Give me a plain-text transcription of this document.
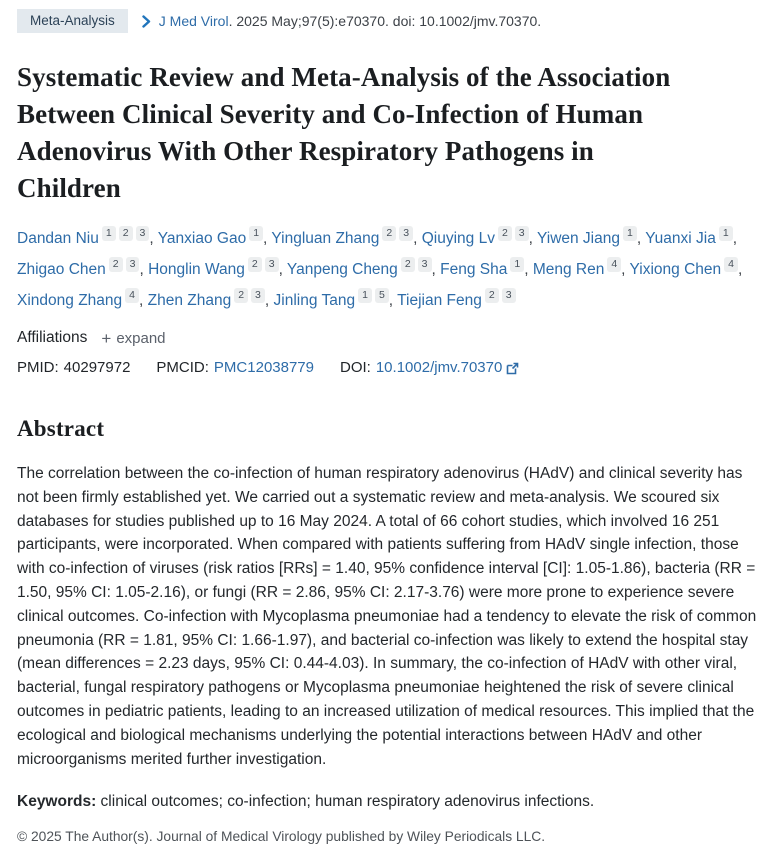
Meta-Analysis	J Med Virol. 2025 May;97(5):e70370. doi: 10.1002/jmv.70370.
Systematic Review and Meta-Analysis of the Association Between Clinical Severity and Co-Infection of Human Adenovirus With Other Respiratory Pathogens in Children
Dandan Niu 1 2 3 , Yanxiao Gao 1 , Yingluan Zhang 2 3 , Qiuying Lv 2 3 , Yiwen Jiang 1 , Yuanxi Jia 1 , Zhigao Chen 2 3 , Honglin Wang 2 3 , Yanpeng Cheng 2 3 , Feng Sha 1 , Meng Ren 4 , Yixiong Chen 4 , Xindong Zhang 4 , Zhen Zhang 2 3 , Jinling Tang 1 5 , Tiejian Feng 2 3
Affiliations + expand
PMID: 40297972 PMCID: PMC12038779 DOI: 10.1002/jmv.70370
Abstract

The correlation between the co-infection of human respiratory adenovirus (HAdV) and clinical severity has not been firmly established yet. We carried out a systematic review and meta-analysis. We scoured six databases for studies published up to 16 May 2024. A total of 66 cohort studies, which involved 16 251 participants, were incorporated. When compared with patients suffering from HAdV single infection, those with co-infection of viruses (risk ratios [RRs] = 1.40, 95% confidence interval [CI]: 1.05-1.86), bacteria (RR = 1.50, 95% CI: 1.05-2.16), or fungi (RR = 2.86, 95% CI: 2.17-3.76) were more prone to experience severe clinical outcomes. Co-infection with Mycoplasma pneumoniae had a tendency to elevate the risk of common pneumonia (RR = 1.81, 95% CI: 1.66-1.97), and bacterial co-infection was likely to extend the hospital stay (mean differences = 2.23 days, 95% CI: 0.44-4.03). In summary, the co-infection of HAdV with other viral, bacterial, fungal respiratory pathogens or Mycoplasma pneumoniae heightened the risk of severe clinical outcomes in pediatric patients, leading to an increased utilization of medical resources. This implied that the ecological and biological mechanisms underlying the potential interactions between HAdV and other microorganisms merited further investigation.

Keywords: clinical outcomes; co-infection; human respiratory adenovirus infections.

© 2025 The Author(s). Journal of Medical Virology published by Wiley Periodicals LLC.
